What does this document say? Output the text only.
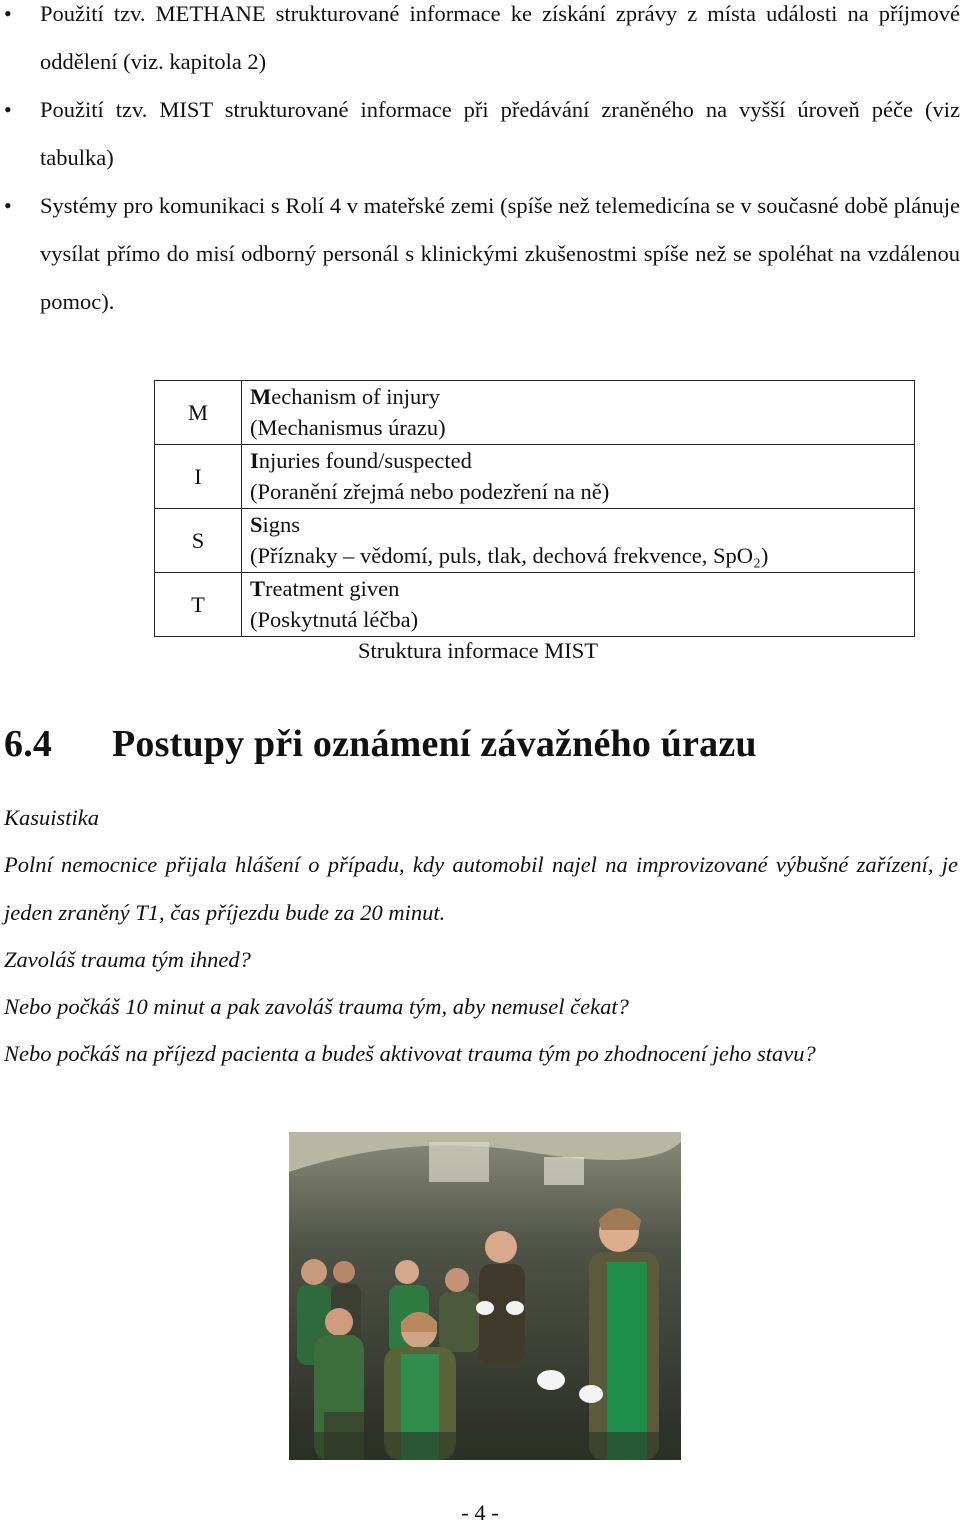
• Použití tzv. METHANE strukturované informace ke získání zprávy z místa události na příjmové oddělení (viz. kapitola 2)
• Použití tzv. MIST strukturované informace při předávání zraněného na vyšší úroveň péče (viz tabulka)
• Systémy pro komunikaci s Rolí 4 v mateřské zemi (spíše než telemedicína se v současné době plánuje vysílat přímo do misí odborný personál s klinickými zkušenostmi spíše než se spoléhat na vzdálenou pomoc).
M	Mechanism of injury
(Mechanismus úrazu)

I	Injuries found/suspected
(Poranění zřejmá nebo podezření na ně)

S	Signs
(Příznaky – vědomí, puls, tlak, dechová frekvence, SpO₂)

T	Treatment given
(Poskytnutá léčba)
Struktura informace MIST
6.4 Postupy při oznámení závažného úrazu

Kasuistika

Polní nemocnice přijala hlášení o případu, kdy automobil najel na improvizované výbušné zařízení, je jeden zraněný T1, čas příjezdu bude za 20 minut.

Zavoláš trauma tým ihned?

Nebo počkáš 10 minut a pak zavoláš trauma tým, aby nemusel čekat?

Nebo počkáš na příjezd pacienta a budeš aktivovat trauma tým po zhodnocení jeho stavu?

- 4 -
